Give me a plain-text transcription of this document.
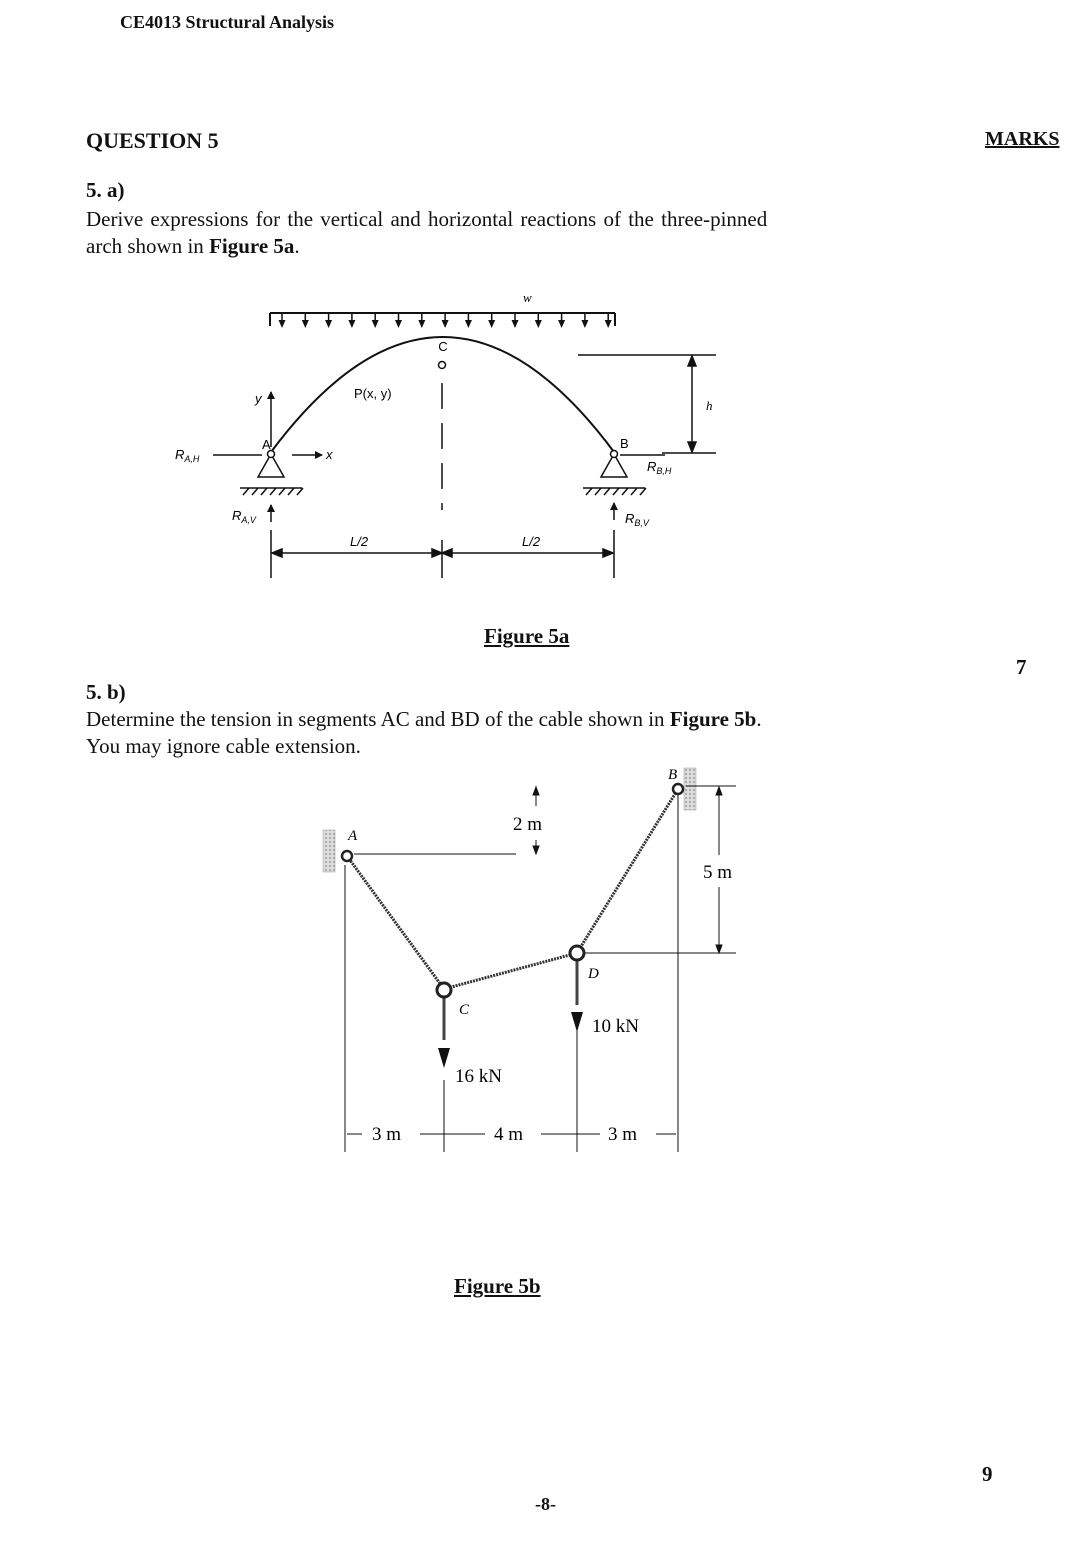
CE4013 Structural Analysis
QUESTION 5	MARKS
5. a)
Derive expressions for the vertical and horizontal reactions of the three-pinned
arch shown in Figure 5a.
w
C
P(x, y)
A
y
x
$R_{A,H}$
$R_{A,V}$
B
$R_{B,H}$
$R_{B,V}$
h
L/2	L/2
Figure 5a
7
5. b)
Determine the tension in segments AC and BD of the cable shown in Figure 5b.
You may ignore cable extension.
A
B
C
D
2 m
5 m
16 kN
10 kN
3 m	4 m	3 m
Figure 5b
9
-8-
